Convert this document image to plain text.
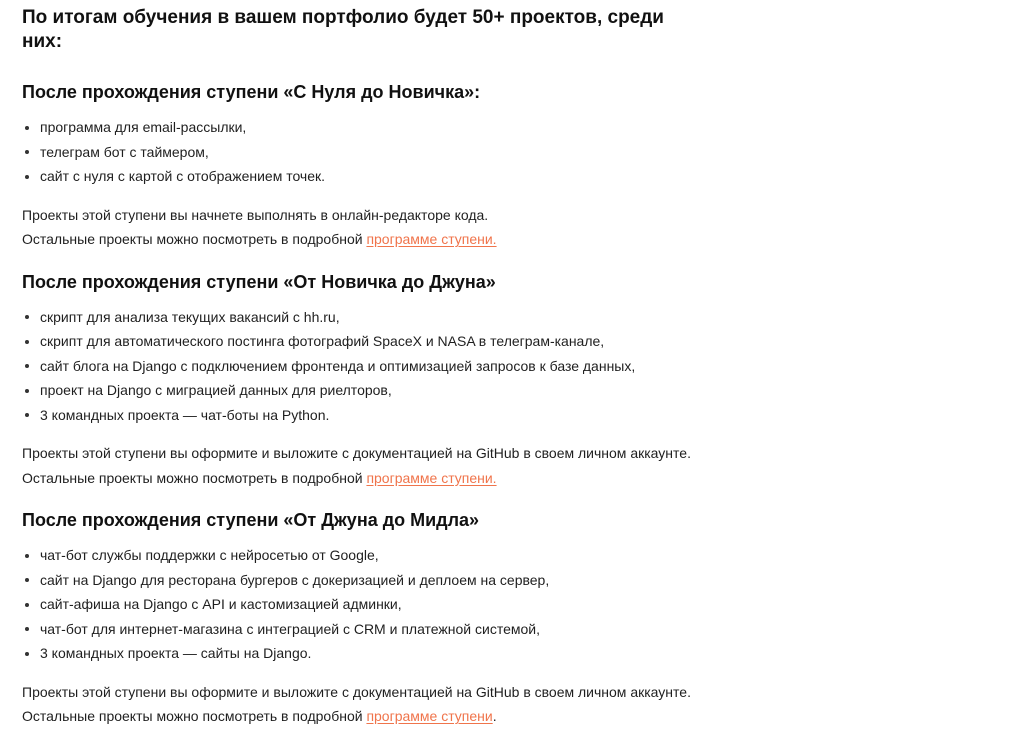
По итогам обучения в вашем портфолио будет 50+ проектов, среди них:
После прохождения ступени «С Нуля до Новичка»:
программа для email-рассылки,
телеграм бот с таймером,
сайт с нуля с картой с отображением точек.

Проекты этой ступени вы начнете выполнять в онлайн-редакторе кода.

Остальные проекты можно посмотреть в подробной программе ступени.

После прохождения ступени «От Новичка до Джуна»
скрипт для анализа текущих вакансий с hh.ru,
скрипт для автоматического постинга фотографий SpaceX и NASA в телеграм-канале,
сайт блога на Django с подключением фронтенда и оптимизацией запросов к базе данных,
проект на Django с миграцией данных для риелторов,
3 командных проекта — чат-боты на Python.

Проекты этой ступени вы оформите и выложите с документацией на GitHub в своем личном аккаунте.

Остальные проекты можно посмотреть в подробной программе ступени.

После прохождения ступени «От Джуна до Мидла»
чат-бот службы поддержки с нейросетью от Google,
сайт на Django для ресторана бургеров с докеризацией и деплоем на сервер,
сайт-афиша на Django с API и кастомизацией админки,
чат-бот для интернет-магазина с интеграцией с CRM и платежной системой,
3 командных проекта — сайты на Django.

Проекты этой ступени вы оформите и выложите с документацией на GitHub в своем личном аккаунте.

Остальные проекты можно посмотреть в подробной программе ступени.
